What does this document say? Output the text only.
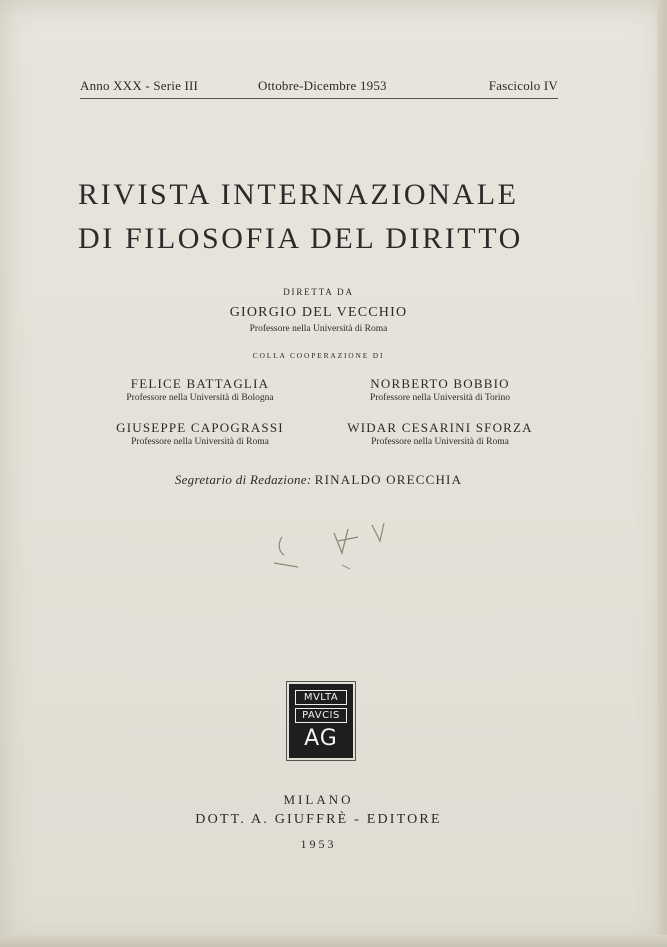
Anno XXX - Serie III	Ottobre-Dicembre 1953	Fascicolo IV
RIVISTA INTERNAZIONALE
DI FILOSOFIA DEL DIRITTO
DIRETTA DA
GIORGIO DEL VECCHIO
Professore nella Università di Roma
COLLA COOPERAZIONE DI
FELICE BATTAGLIA
Professore nella Università di Bologna
NORBERTO BOBBIO
Professore nella Università di Torino
GIUSEPPE CAPOGRASSI
Professore nella Università di Roma
WIDAR CESARINI SFORZA
Professore nella Università di Roma
Segretario di Redazione: RINALDO ORECCHIA
MVLTA
PAVCIS
AG
MILANO
DOTT. A. GIUFFRÈ - EDITORE
1953
